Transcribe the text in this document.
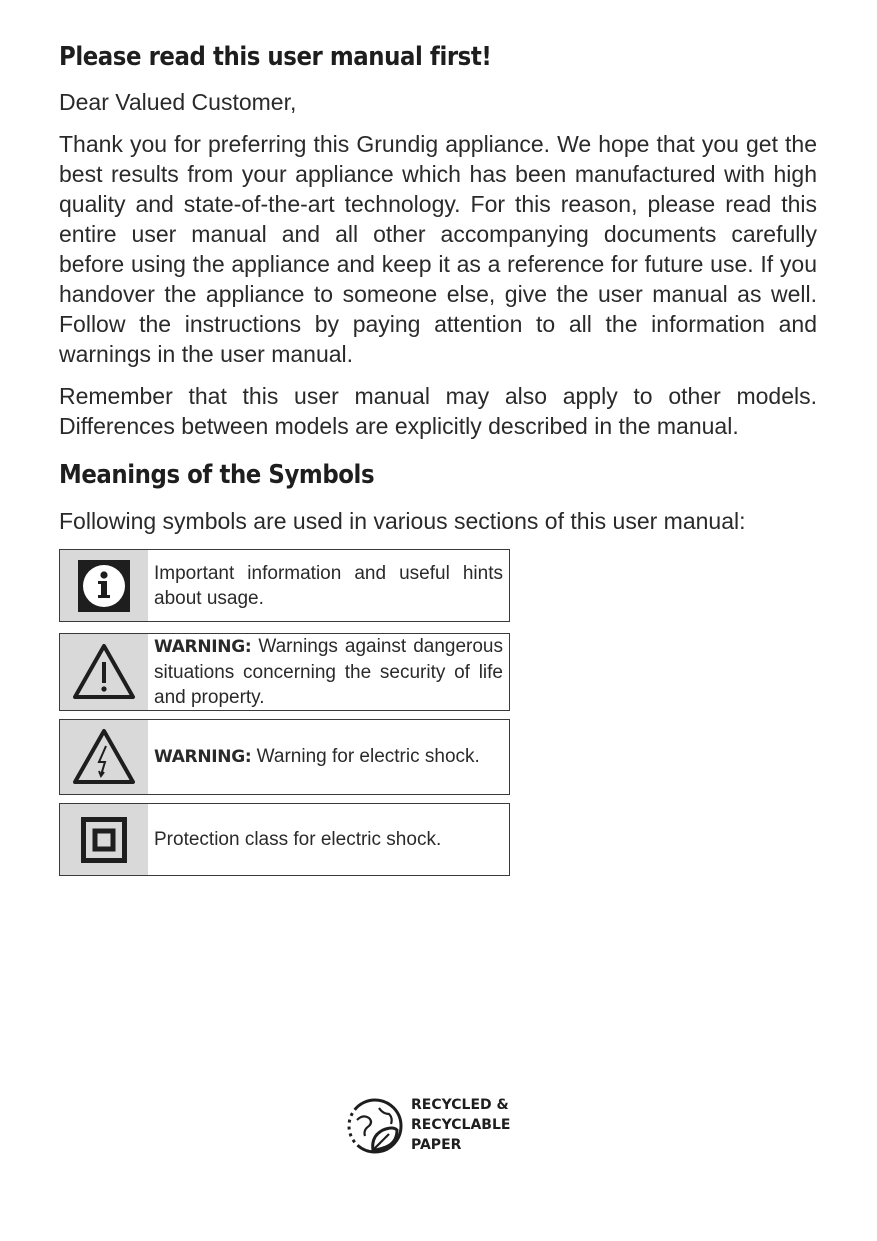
Please read this user manual first!

Dear Valued Customer,

Thank you for preferring this Grundig appliance. We hope that you get the best results from your appliance which has been manufactured with high quality and state-of-the-art technology. For this reason, please read this entire user manual and all other accompanying documents carefully before using the appliance and keep it as a reference for future use. If you handover the appliance to someone else, give the user manual as well. Follow the instructions by paying attention to all the information and warnings in the user manual.

Remember that this user manual may also apply to other models. Differences between models are explicitly described in the manual.

Meanings of the Symbols

Following symbols are used in various sections of this user manual:

Important information and useful hints about usage.
WARNING: Warnings against dangerous situations concerning the security of life and property.
WARNING: Warning for electric shock.
Protection class for electric shock.
RECYCLED &
RECYCLABLE
PAPER
